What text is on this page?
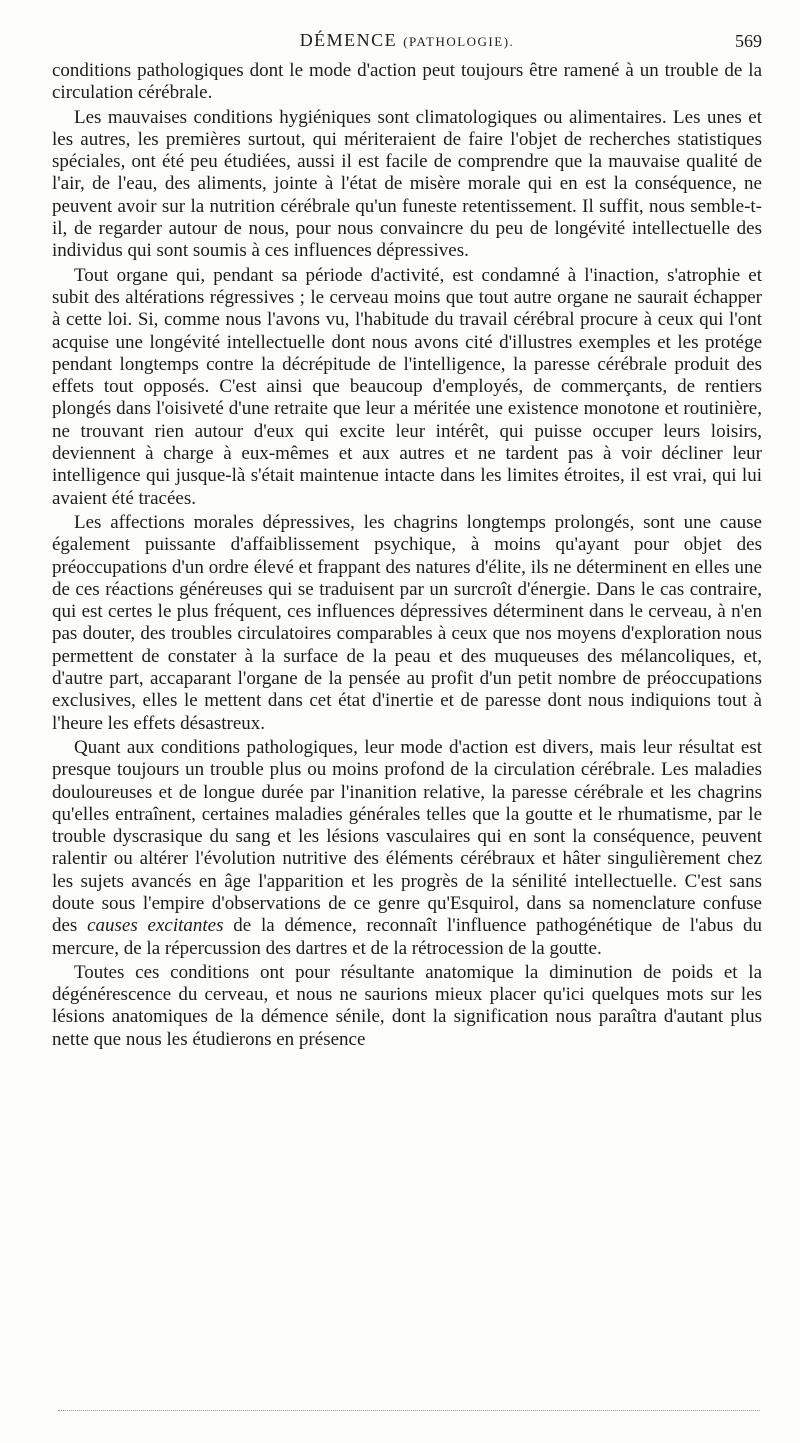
DÉMENCE (PATHOLOGIE).	569

conditions pathologiques dont le mode d'action peut toujours être ramené à un trouble de la circulation cérébrale.

Les mauvaises conditions hygiéniques sont climatologiques ou alimentaires. Les unes et les autres, les premières surtout, qui mériteraient de faire l'objet de recherches statistiques spéciales, ont été peu étudiées, aussi il est facile de comprendre que la mauvaise qualité de l'air, de l'eau, des aliments, jointe à l'état de misère morale qui en est la conséquence, ne peuvent avoir sur la nutrition cérébrale qu'un funeste retentissement. Il suffit, nous semble-t-il, de regarder autour de nous, pour nous convaincre du peu de longévité intellectuelle des individus qui sont soumis à ces influences dépressives.

Tout organe qui, pendant sa période d'activité, est condamné à l'inaction, s'atrophie et subit des altérations régressives ; le cerveau moins que tout autre organe ne saurait échapper à cette loi. Si, comme nous l'avons vu, l'habitude du travail cérébral procure à ceux qui l'ont acquise une longévité intellectuelle dont nous avons cité d'illustres exemples et les protége pendant longtemps contre la décrépitude de l'intelligence, la paresse cérébrale produit des effets tout opposés. C'est ainsi que beaucoup d'employés, de commerçants, de rentiers plongés dans l'oisiveté d'une retraite que leur a méritée une existence monotone et routinière, ne trouvant rien autour d'eux qui excite leur intérêt, qui puisse occuper leurs loisirs, deviennent à charge à eux-mêmes et aux autres et ne tardent pas à voir décliner leur intelligence qui jusque-là s'était maintenue intacte dans les limites étroites, il est vrai, qui lui avaient été tracées.

Les affections morales dépressives, les chagrins longtemps prolongés, sont une cause également puissante d'affaiblissement psychique, à moins qu'ayant pour objet des préoccupations d'un ordre élevé et frappant des natures d'élite, ils ne déterminent en elles une de ces réactions généreuses qui se traduisent par un surcroît d'énergie. Dans le cas contraire, qui est certes le plus fréquent, ces influences dépressives déterminent dans le cerveau, à n'en pas douter, des troubles circulatoires comparables à ceux que nos moyens d'exploration nous permettent de constater à la surface de la peau et des muqueuses des mélancoliques, et, d'autre part, accaparant l'organe de la pensée au profit d'un petit nombre de préoccupations exclusives, elles le mettent dans cet état d'inertie et de paresse dont nous indiquions tout à l'heure les effets désastreux.

Quant aux conditions pathologiques, leur mode d'action est divers, mais leur résultat est presque toujours un trouble plus ou moins profond de la circulation cérébrale. Les maladies douloureuses et de longue durée par l'inanition relative, la paresse cérébrale et les chagrins qu'elles entraînent, certaines maladies générales telles que la goutte et le rhumatisme, par le trouble dyscrasique du sang et les lésions vasculaires qui en sont la conséquence, peuvent ralentir ou altérer l'évolution nutritive des éléments cérébraux et hâter singulièrement chez les sujets avancés en âge l'apparition et les progrès de la sénilité intellectuelle. C'est sans doute sous l'empire d'observations de ce genre qu'Esquirol, dans sa nomenclature confuse des causes excitantes de la démence, reconnaît l'influence pathogénétique de l'abus du mercure, de la répercussion des dartres et de la rétrocession de la goutte.

Toutes ces conditions ont pour résultante anatomique la diminution de poids et la dégénérescence du cerveau, et nous ne saurions mieux placer qu'ici quelques mots sur les lésions anatomiques de la démence sénile, dont la signification nous paraîtra d'autant plus nette que nous les étudierons en présence
